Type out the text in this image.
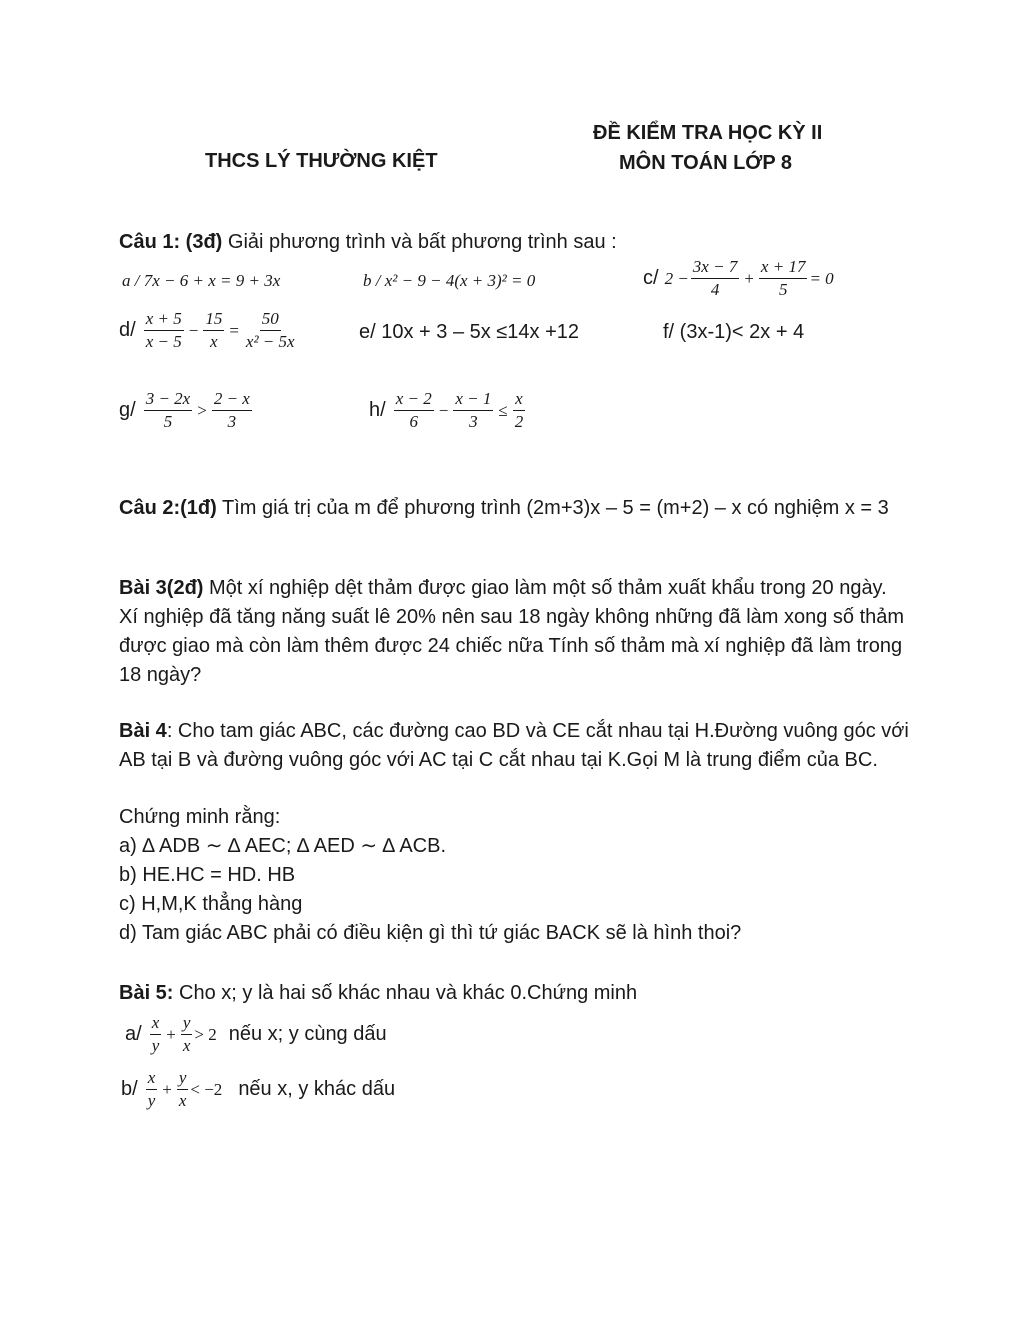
THCS LÝ THƯỜNG KIỆT
ĐỀ KIỂM TRA HỌC KỲ II
MÔN TOÁN LỚP 8
Câu 1: (3đ) Giải phương trình và bất phương trình sau :
a / 7x − 6 + x = 9 + 3x	b / x² − 9 − 4(x + 3)² = 0	c/ $2 - \frac{3x - 7}{4} + \frac{x + 17}{5} = 0$
$d/ \frac{x + 5}{x - 5} - \frac{15}{x} = \frac{50}{\text{x² − 5x}}$	e/ 10x + 3 – 5x ≤14x +12	f/ (3x-1)< 2x + 4
$g/ \frac{3 - 2x}{5} > \frac{2 - x}{3}$	$h/ \frac{x - 2}{6} - \frac{x - 1}{3} \le \frac{x}{2}$
Câu 2:(1đ) Tìm giá trị của m để phương trình (2m+3)x – 5 = (m+2) – x có nghiệm x = 3
Bài 3(2đ) Một xí nghiệp dệt thảm được giao làm một số thảm xuất khẩu trong 20 ngày. Xí nghiệp đã tăng năng suất lê 20% nên sau 18 ngày không những đã làm xong số thảm được giao mà còn làm thêm được 24 chiếc nữa Tính số thảm mà xí nghiệp đã làm trong 18 ngày?
Bài 4: Cho tam giác ABC, các đường cao BD và CE cắt nhau tại H.Đường vuông góc với AB tại B và đường vuông góc với AC tại C cắt nhau tại K.Gọi M là trung điểm của BC.
Chứng minh rằng:
a) ∆ ADB ∼ ∆ AEC; ∆ AED ∼ ∆ ACB.
b) HE.HC = HD. HB
c) H,M,K thẳng hàng
d) Tam giác ABC phải có điều kiện gì thì tứ giác BACK sẽ là hình thoi?
Bài 5: Cho x; y là hai số khác nhau và khác 0.Chứng minh
$a/ \frac{x}{y} + \frac{y}{x} > 2$ nếu x; y cùng dấu
$b/ \frac{x}{y} + \frac{y}{x} < -2$ nếu x, y khác dấu
